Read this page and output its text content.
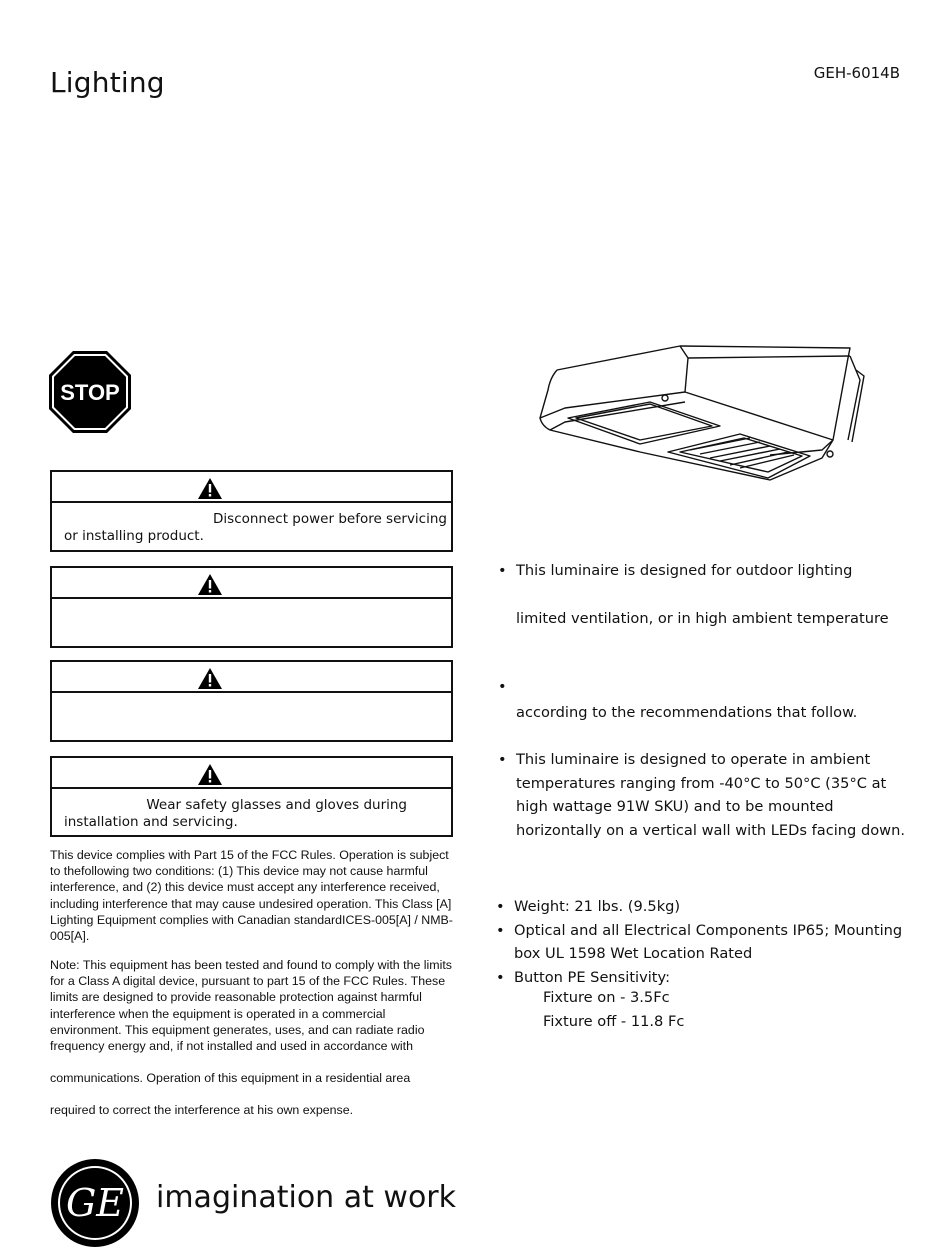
Lighting	GEH-6014B
STOP
Disconnect power before servicing
or installing product.
Wear safety glasses and gloves during
installation and servicing.
This device complies with Part 15 of the FCC Rules. Operation is subject to thefollowing two conditions: (1) This device may not cause harmful interference, and (2) this device must accept any interference received, including interference that may cause undesired operation. This Class [A] Lighting Equipment complies with Canadian standardICES-005[A] / NMB-005[A].
Note: This equipment has been tested and found to comply with the limits for a Class A digital device, pursuant to part 15 of the FCC Rules. These limits are designed to provide reasonable protection against harmful interference when the equipment is operated in a commercial environment. This equipment generates, uses, and can radiate radio frequency energy and, if not installed and used in accordance with
communications. Operation of this equipment in a residential area
required to correct the interference at his own expense.
• This luminaire is designed for outdoor lighting
limited ventilation, or in high ambient temperature
•
according to the recommendations that follow.
• This luminaire is designed to operate in ambient temperatures ranging from -40°C to 50°C (35°C at high wattage 91W SKU) and to be mounted horizontally on a vertical wall with LEDs facing down.
• Weight: 21 lbs. (9.5kg)
• Optical and all Electrical Components IP65; Mounting box UL 1598 Wet Location Rated
• Button PE Sensitivity:
Fixture on - 3.5Fc
Fixture off - 11.8 Fc
GE imagination at work
